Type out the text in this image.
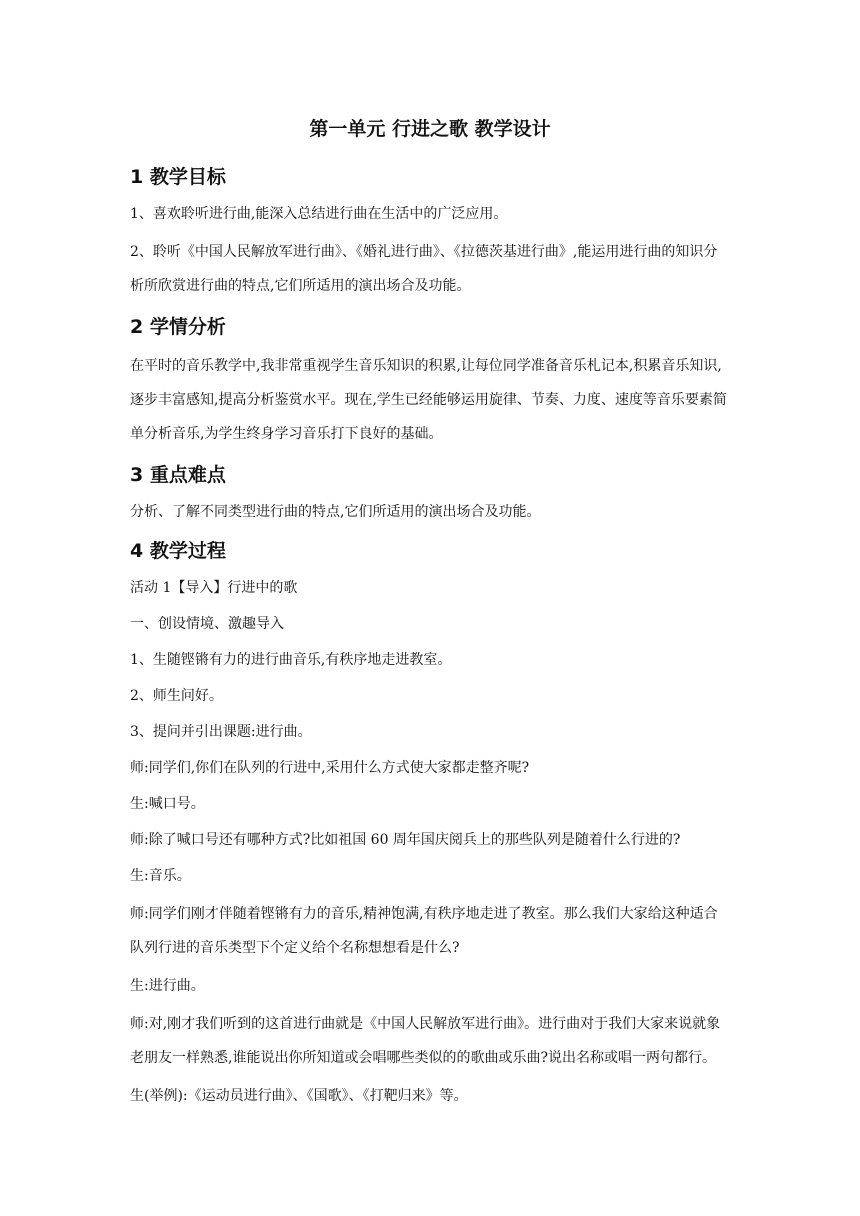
第一单元 行进之歌 教学设计
1 教学目标

1、喜欢聆听进行曲,能深入总结进行曲在生活中的广泛应用。

2、聆听《中国人民解放军进行曲》、《婚礼进行曲》、《拉德茨基进行曲》,能运用进行曲的知识分析所欣赏进行曲的特点,它们所适用的演出场合及功能。

2 学情分析

在平时的音乐教学中,我非常重视学生音乐知识的积累,让每位同学准备音乐札记本,积累音乐知识,逐步丰富感知,提高分析鉴赏水平。现在,学生已经能够运用旋律、节奏、力度、速度等音乐要素简单分析音乐,为学生终身学习音乐打下良好的基础。

3 重点难点

分析、了解不同类型进行曲的特点,它们所适用的演出场合及功能。

4 教学过程

活动 1【导入】行进中的歌

一、创设情境、激趣导入

1、生随铿锵有力的进行曲音乐,有秩序地走进教室。

2、师生问好。

3、提问并引出课题:进行曲。

师:同学们,你们在队列的行进中,采用什么方式使大家都走整齐呢?

生:喊口号。

师:除了喊口号还有哪种方式?比如祖国 60 周年国庆阅兵上的那些队列是随着什么行进的?

生:音乐。

师:同学们刚才伴随着铿锵有力的音乐,精神饱满,有秩序地走进了教室。那么我们大家给这种适合队列行进的音乐类型下个定义给个名称想想看是什么?

生:进行曲。

师:对,刚才我们听到的这首进行曲就是《中国人民解放军进行曲》。进行曲对于我们大家来说就象老朋友一样熟悉,谁能说出你所知道或会唱哪些类似的的歌曲或乐曲?说出名称或唱一两句都行。

生(举例):《运动员进行曲》、《国歌》、《打靶归来》等。
